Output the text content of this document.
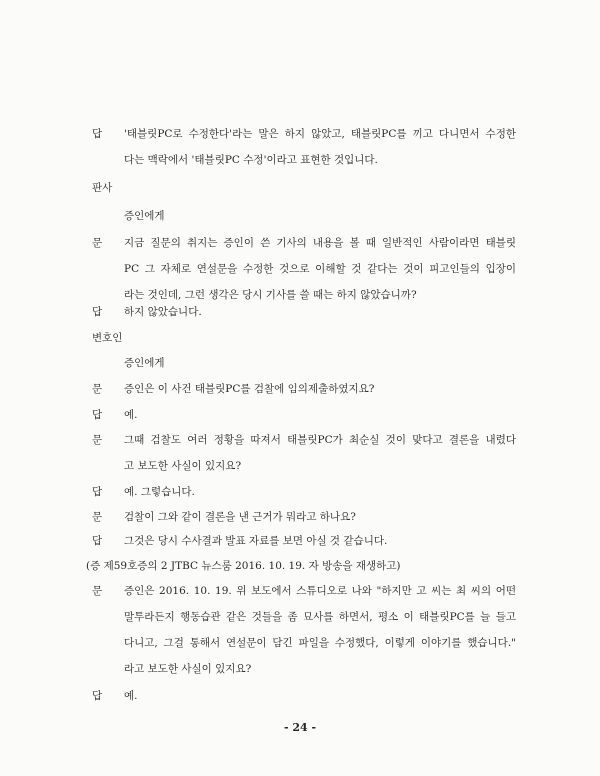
답 '태블릿PC로 수정한다'라는 말은 하지 않았고, 태블릿PC를 끼고 다니면서 수정한
다는 맥락에서 '태블릿PC 수정'이라고 표현한 것입니다.
판사
증인에게
문 지금 질문의 취지는 증인이 쓴 기사의 내용을 볼 때 일반적인 사람이라면 태블릿
PC 그 자체로 연설문을 수정한 것으로 이해할 것 같다는 것이 피고인들의 입장이
라는 것인데, 그런 생각은 당시 기사를 쓸 때는 하지 않았습니까?
답 하지 않았습니다.
변호인
증인에게
문 증인은 이 사건 태블릿PC를 검찰에 임의제출하였지요?
답 예.
문 그때 검찰도 여러 정황을 따져서 태블릿PC가 최순실 것이 맞다고 결론을 내렸다
고 보도한 사실이 있지요?
답 예. 그렇습니다.
문 검찰이 그와 같이 결론을 낸 근거가 뭐라고 하나요?
답 그것은 당시 수사결과 발표 자료를 보면 아실 것 같습니다.
(증 제59호증의 2 JTBC 뉴스룸 2016. 10. 19. 자 방송을 재생하고)
문 증인은 2016. 10. 19. 위 보도에서 스튜디오로 나와 "하지만 고 씨는 최 씨의 어떤
말투라든지 행동습관 같은 것들을 좀 묘사를 하면서, 평소 이 태블릿PC를 늘 들고
다니고, 그걸 통해서 연설문이 담긴 파일을 수정했다, 이렇게 이야기를 했습니다."
라고 보도한 사실이 있지요?
답 예.
- 24 -
